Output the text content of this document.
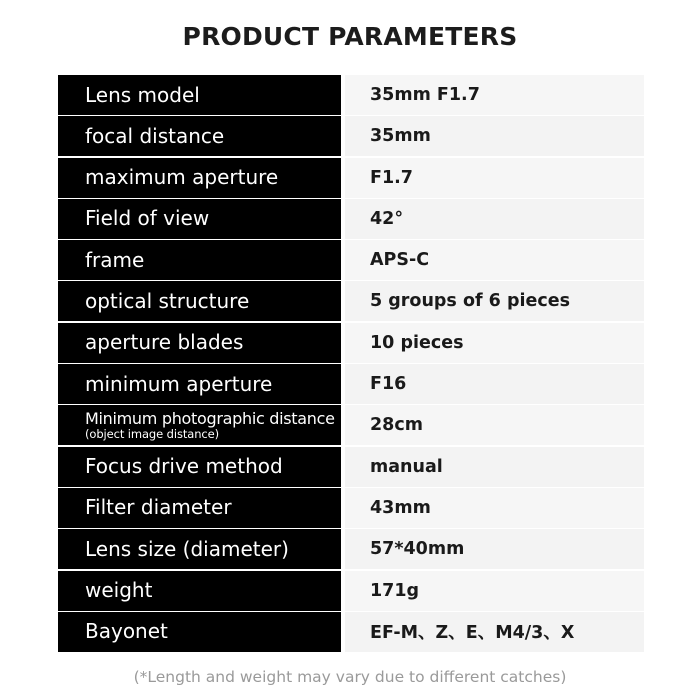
PRODUCT PARAMETERS
Lens model	35mm F1.7
focal distance	35mm
maximum aperture	F1.7
Field of view	42°
frame	APS-C
optical structure	5 groups of 6 pieces
aperture blades	10 pieces
minimum aperture	F16
Minimum photographic distance
(object image distance)	28cm
Focus drive method	manual
Filter diameter	43mm
Lens size (diameter)	57*40mm
weight	171g
Bayonet	EF-M、Z、E、M4/3、X
(*Length and weight may vary due to different catches)
